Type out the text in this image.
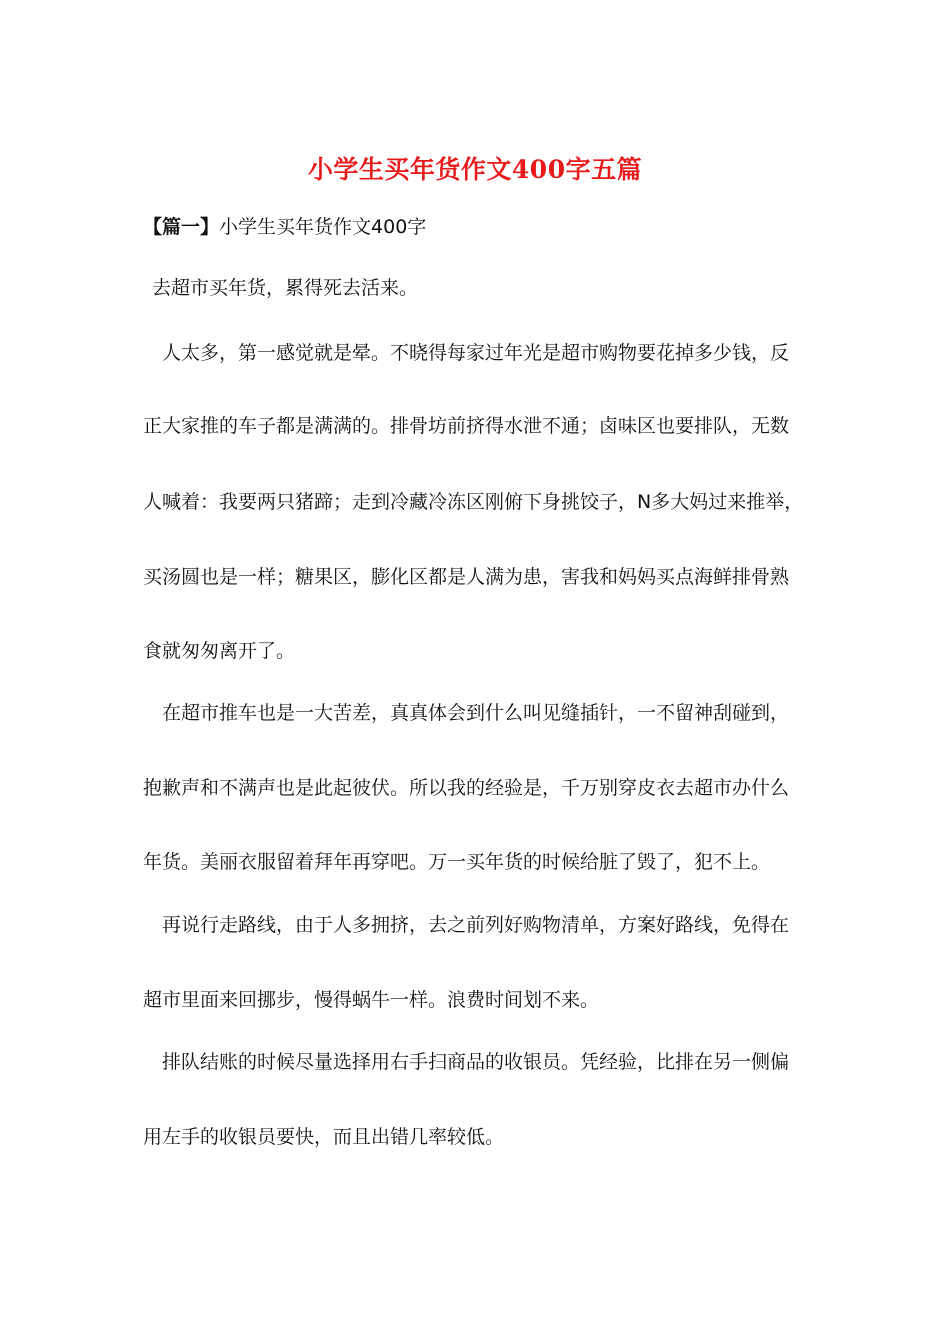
小学生买年货作文400字五篇
【篇一】小学生买年货作文400字
去超市买年货，累得死去活来。
人太多，第一感觉就是晕。不晓得每家过年光是超市购物要花掉多少钱，反
正大家推的车子都是满满的。排骨坊前挤得水泄不通；卤味区也要排队，无数
人喊着：我要两只猪蹄；走到冷藏冷冻区刚俯下身挑饺子，N多大妈过来推举，
买汤圆也是一样；糖果区，膨化区都是人满为患，害我和妈妈买点海鲜排骨熟
食就匆匆离开了。
在超市推车也是一大苦差，真真体会到什么叫见缝插针，一不留神刮碰到，
抱歉声和不满声也是此起彼伏。所以我的经验是，千万别穿皮衣去超市办什么
年货。美丽衣服留着拜年再穿吧。万一买年货的时候给脏了毁了，犯不上。
再说行走路线，由于人多拥挤，去之前列好购物清单，方案好路线，免得在
超市里面来回挪步，慢得蜗牛一样。浪费时间划不来。
排队结账的时候尽量选择用右手扫商品的收银员。凭经验，比排在另一侧偏
用左手的收银员要快，而且出错几率较低。
